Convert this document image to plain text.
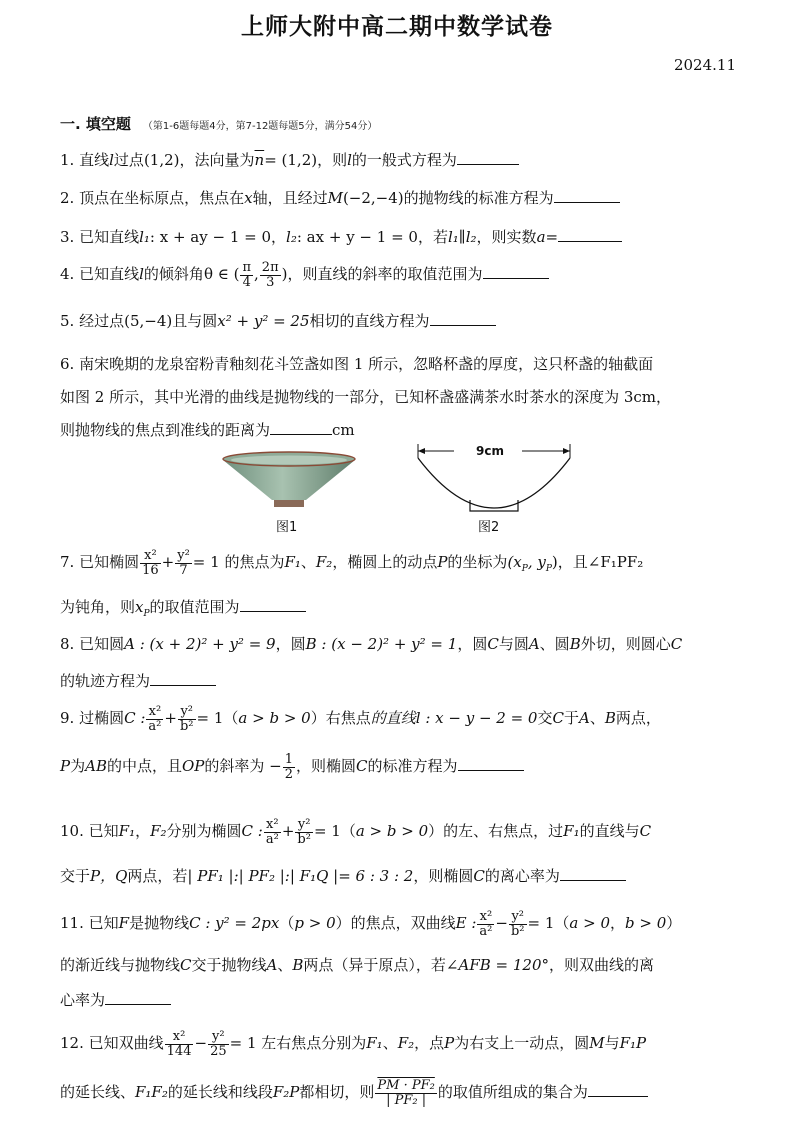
上师大附中高二期中数学试卷
2024.11
一. 填空题 （第1-6题每题4分，第7-12题每题5分，满分54分）
1. 直线l过点(1,2)，法向量为$\overline{n}= (1,2)$，则l的一般式方程为
2. 顶点在坐标原点，焦点在x轴，且经过M(−2,−4)的抛物线的标准方程为
3. 已知直线l₁: x + ay − 1 = 0，l₂: ax + y − 1 = 0，若l₁∥l₂，则实数a=
4. 已知直线l的倾斜角θ ∈ ( $\frac{\pi}{4}$ , $\frac{2\pi}{3}$ )，则直线的斜率的取值范围为
5. 经过点(5,−4)且与圆x² + y² = 25相切的直线方程为
6. 南宋晚期的龙泉窑粉青釉刻花斗笠盏如图 1 所示，忽略杯盏的厚度，这只杯盏的轴截面
如图 2 所示，其中光滑的曲线是抛物线的一部分，已知杯盏盛满茶水时茶水的深度为 3cm，
则抛物线的焦点到准线的距离为	cm
图1
9cm
图2
7. 已知椭圆 $\frac{\text{x²}}{16} + \frac{\text{y²}}{7} = 1$ 的焦点为F₁、F₂，椭圆上的动点P的坐标为($x_P$, $y_P$)，且∠F₁PF₂
为钝角，则$x_P$的取值范围为
8. 已知圆A : (x + 2)² + y² = 9，圆B : (x − 2)² + y² = 1，圆C与圆A、圆B外切，则圆心C
的轨迹方程为
9. 过椭圆C : $\frac{\text{x²}}{\text{a²}} + \frac{\text{y²}}{\text{b²}} = 1(a > b > 0)$右焦点的直线l : x − y − 2 = 0交C于A、B两点，
P为AB的中点，且OP的斜率为 − $\frac{1}{2}$ ，则椭圆C的标准方程为
10. 已知F₁，F₂分别为椭圆C : $\frac{\text{x²}}{\text{a²}} + \frac{\text{y²}}{\text{b²}} = 1(a > b > 0)$的左、右焦点，过F₁的直线与C
交于P，Q两点，若| PF₁ |:| PF₂ |:| F₁Q |= 6 : 3 : 2，则椭圆C的离心率为
11. 已知F是抛物线C : y² = 2px（p > 0）的焦点，双曲线E : $\frac{\text{x²}}{\text{a²}} - \frac{\text{y²}}{\text{b²}} = 1(a > 0$，b > 0）
的渐近线与抛物线C交于抛物线A、B两点（异于原点），若∠AFB = 120°，则双曲线的离
心率为
12. 已知双曲线 $\frac{\text{x²}}{144} - \frac{\text{y²}}{25} = 1$ 左右焦点分别为F₁、F₂，点P为右支上一动点，圆M与F₁P
的延长线、F₁F₂的延长线和线段F₂P都相切，则 $\frac{\text{PM · PF₂}}{\text{| PF₂ |}}$ 的取值所组成的集合为
